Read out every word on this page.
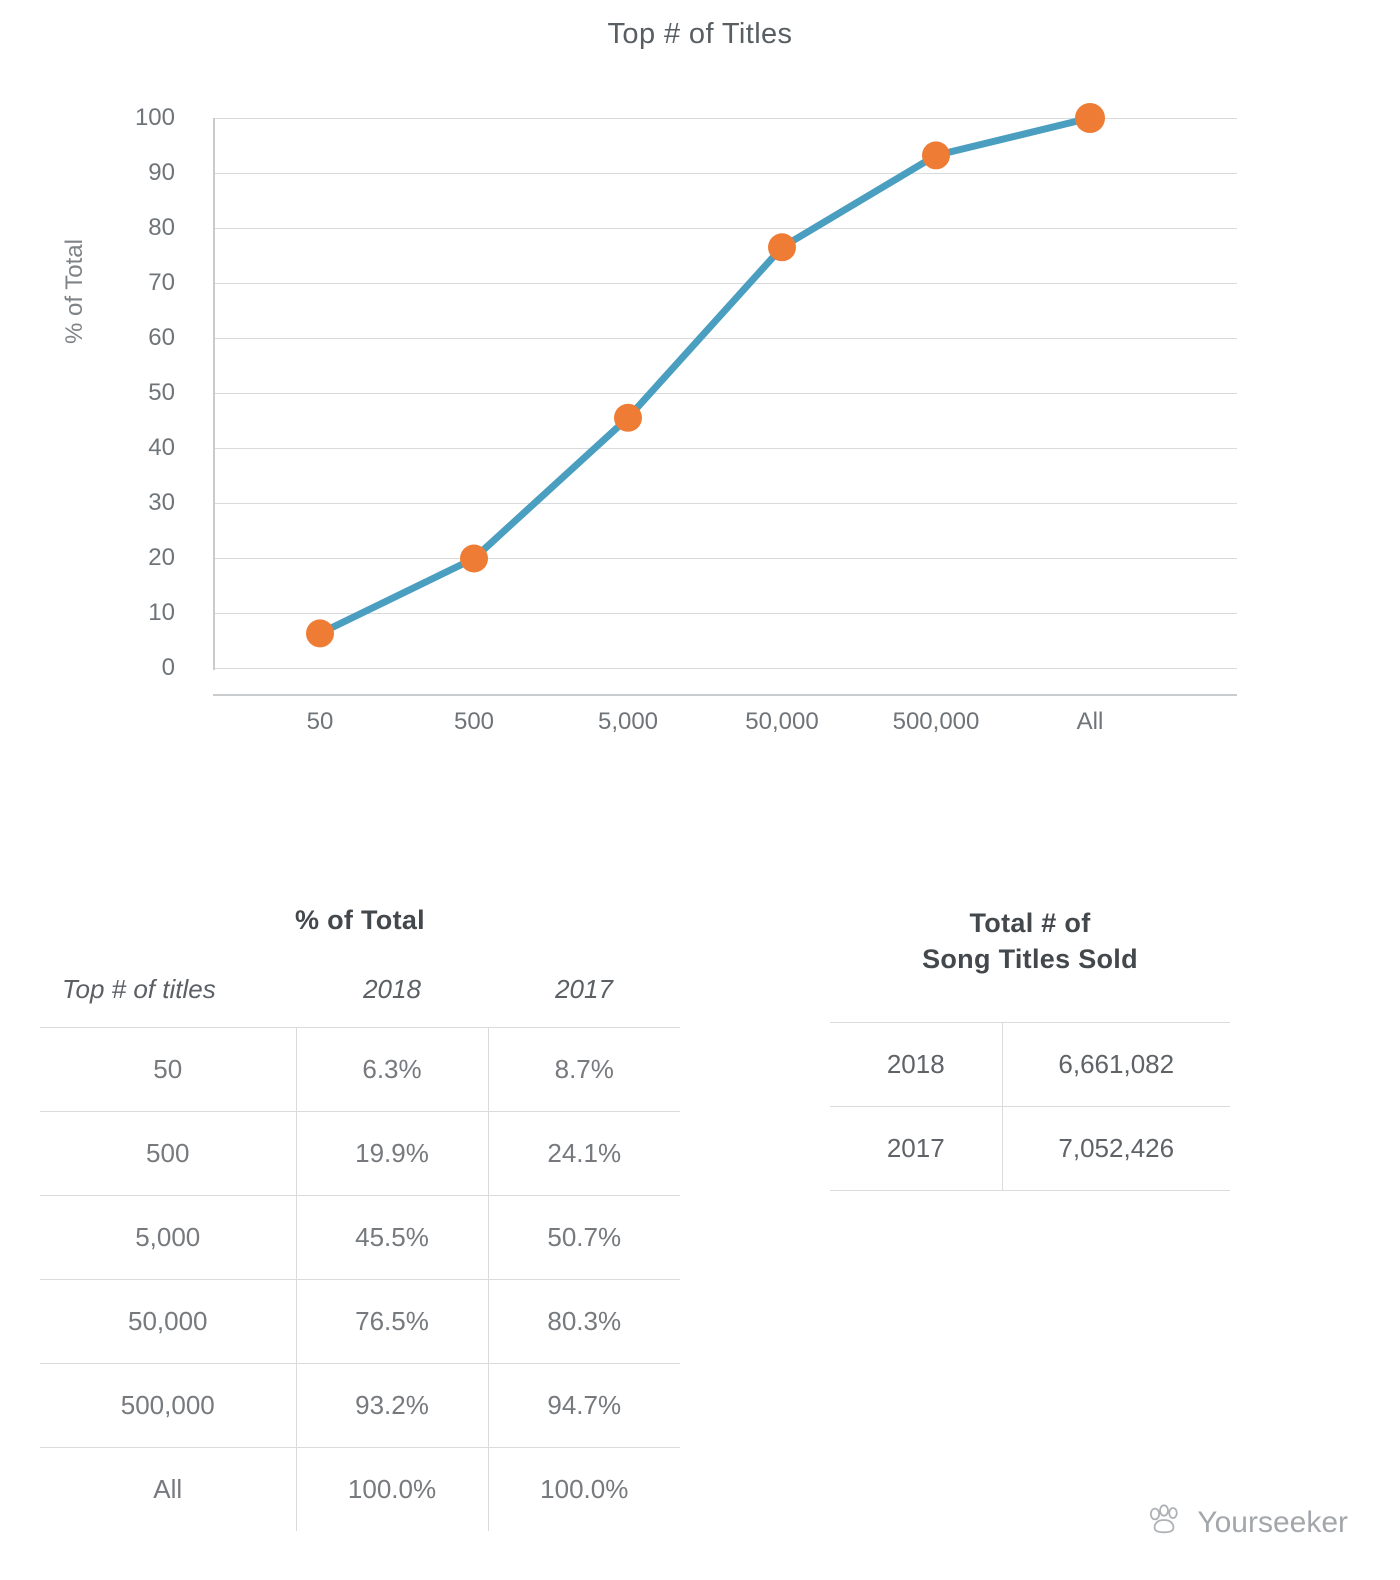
Top # of Titles
% of Total
100
90
80
70
60
50
40
30
20
10
0
50	500	5,000	50,000	500,000	All
% of Total
Top # of titles	2018	2017
50	6.3%	8.7%
500	19.9%	24.1%
5,000	45.5%	50.7%
50,000	76.5%	80.3%
500,000	93.2%	94.7%
All	100.0%	100.0%
Total # of
Song Titles Sold
2018	6,661,082
2017	7,052,426
Yourseeker
